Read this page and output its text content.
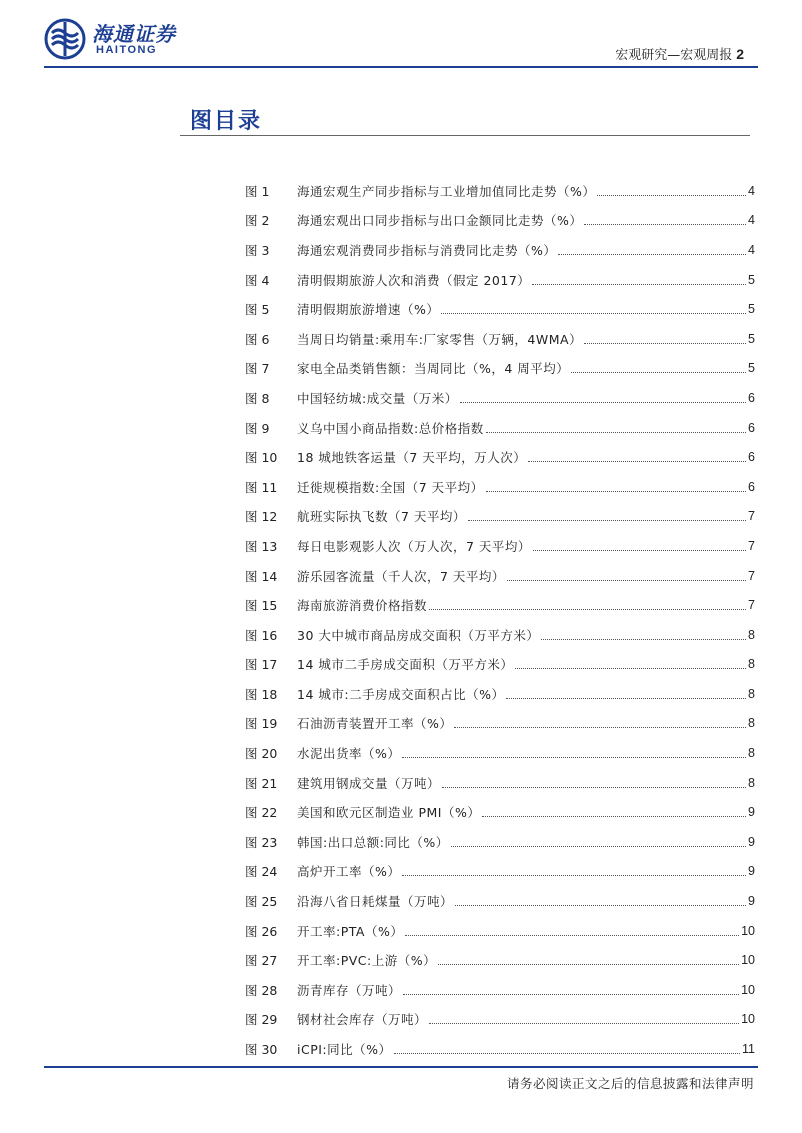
海通证券
HAITONG	宏观研究—宏观周报 2
图目录
图 1	海通宏观生产同步指标与工业增加值同比走势（%）	4
图 2	海通宏观出口同步指标与出口金额同比走势（%）	4
图 3	海通宏观消费同步指标与消费同比走势（%）	4
图 4	清明假期旅游人次和消费（假定 2017）	5
图 5	清明假期旅游增速（%）	5
图 6	当周日均销量:乘用车:厂家零售（万辆，4WMA）	5
图 7	家电全品类销售额：当周同比（%，4 周平均）	5
图 8	中国轻纺城:成交量（万米）	6
图 9	义乌中国小商品指数:总价格指数	6
图 10	18 城地铁客运量（7 天平均，万人次）	6
图 11	迁徙规模指数:全国（7 天平均）	6
图 12	航班实际执飞数（7 天平均）	7
图 13	每日电影观影人次（万人次，7 天平均）	7
图 14	游乐园客流量（千人次，7 天平均）	7
图 15	海南旅游消费价格指数	7
图 16	30 大中城市商品房成交面积（万平方米）	8
图 17	14 城市二手房成交面积（万平方米）	8
图 18	14 城市:二手房成交面积占比（%）	8
图 19	石油沥青装置开工率（%）	8
图 20	水泥出货率（%）	8
图 21	建筑用钢成交量（万吨）	8
图 22	美国和欧元区制造业 PMI（%）	9
图 23	韩国:出口总额:同比（%）	9
图 24	高炉开工率（%）	9
图 25	沿海八省日耗煤量（万吨）	9
图 26	开工率:PTA（%）	10
图 27	开工率:PVC:上游（%）	10
图 28	沥青库存（万吨）	10
图 29	钢材社会库存（万吨）	10
图 30	iCPI:同比（%）	11
请务必阅读正文之后的信息披露和法律声明
